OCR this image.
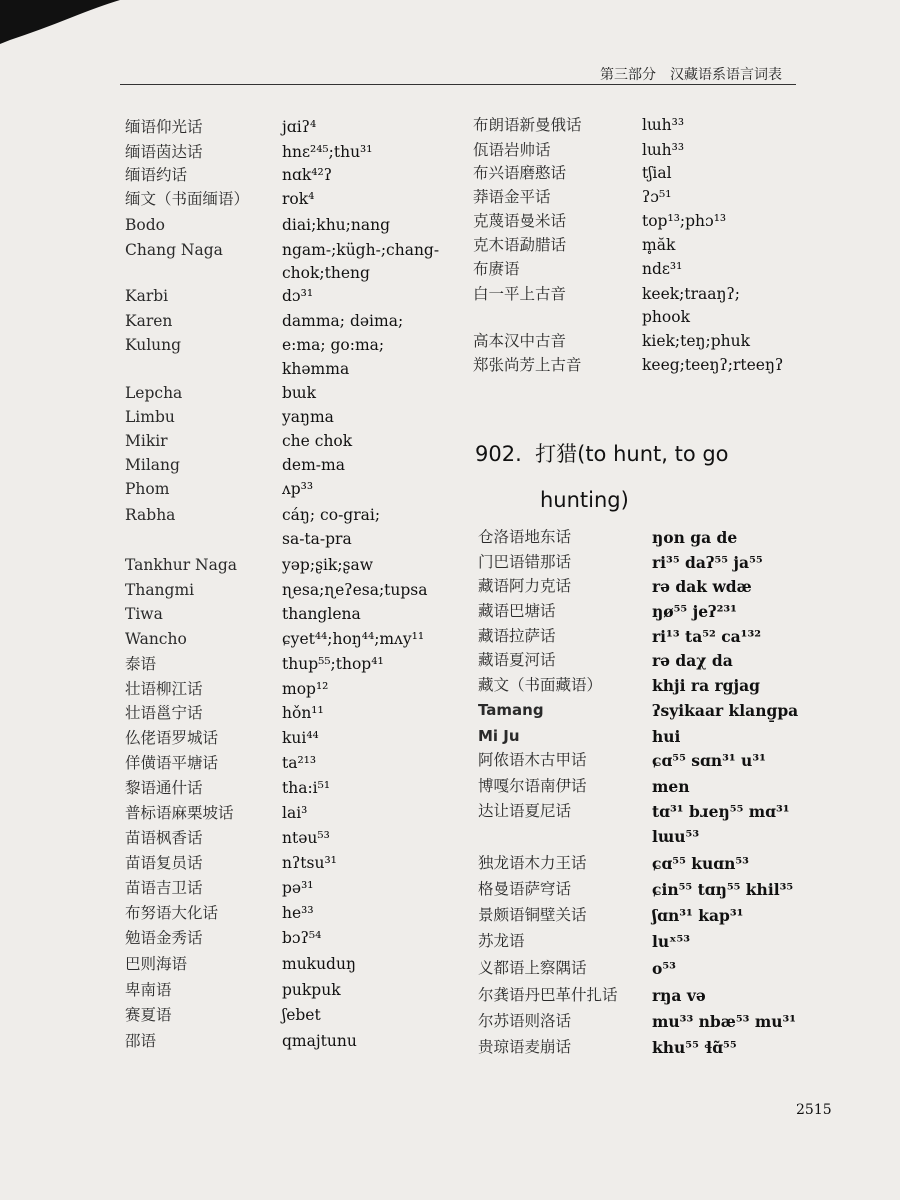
第三部分 汉藏语系语言词表
缅语仰光话	jɑiʔ⁴
缅语茵达话	hnɛ²⁴⁵;thu³¹
缅语约话	nɑk⁴²ʔ
缅文（书面缅语） rok⁴
Bodo	diai;khu;nang
Chang Naga	ngam-;kügh-;chang-
chok;theng
Karbi	dɔ³¹
Karen	damma; dəima;
Kulung	e:ma; go:ma;
khəmma
Lepcha	bɯk
Limbu	yaŋma
Mikir	che chok
Milang	dem-ma
Phom	ʌp³³
Rabha	cáŋ; co-grai;
sa-ta-pra
Tankhur Naga	yəp;ʂik;ʂaw
Thangmi	ɳesa;ɳeʔesa;tupsa
Tiwa	thanglena
Wancho	ɕyet⁴⁴;hoŋ⁴⁴;mʌy¹¹
泰语	thup⁵⁵;thop⁴¹
壮语柳江话	mop¹²
壮语邕宁话	hǒn¹¹
仫佬语罗城话	kui⁴⁴
佯僙语平塘话	ta²¹³
黎语通什话	tha:i⁵¹
普标语麻栗坡话	lai³
苗语枫香话	ntəu⁵³
苗语复员话	nʔtsu³¹
苗语吉卫话	pə³¹
布努语大化话	he³³
勉语金秀话	bɔʔ⁵⁴
巴则海语	mukuduŋ
卑南语	pukpuk
赛夏语	ʃebet
邵语	qmajtunu
布朗语新曼俄话	lɯh³³
佤语岩帅话	lɯh³³
布兴语磨憨话	tʃial
莽语金平话	ʔɔ⁵¹
克蔑语曼米话	top¹³;phɔ¹³
克木语勐腊话	m̥ăk
布赓语	ndɛ³¹
白一平上古音	keek;traaŋʔ;
phook
高本汉中古音	kiek;teŋ;phuk
郑张尚芳上古音	keeg;teeŋʔ;rteeŋʔ
902. 打猎(to hunt, to go
hunting)
仓洛语地东话	ŋon ga de
门巴语错那话	ri³⁵ daʔ⁵⁵ ja⁵⁵
藏语阿力克话	rə dak wdæ
藏语巴塘话	ŋø⁵⁵ jeʔ²³¹
藏语拉萨话	ri¹³ ta⁵² ca¹³²
藏语夏河话	rə daχ da
藏文（书面藏语）	khji ra rgjag
Tamang	ʔsyikaar klang̱pa
Mi Ju	hui
阿侬语木古甲话	ɕɑ⁵⁵ sɑn³¹ u³¹
博嘎尔语南伊话	men
达让语夏尼话	tɑ³¹ bɹeŋ⁵⁵ mɑ³¹
lɯu⁵³
独龙语木力王话	ɕɑ⁵⁵ kuɑn⁵³
格曼语萨穹话	ɕin⁵⁵ tɑŋ⁵⁵ khil³⁵
景颇语铜壁关话	ʃɑn³¹ kap³¹
苏龙语	luˣ⁵³
义都语上察隅话	o⁵³
尔龚语丹巴革什扎话 rŋa və
尔苏语则洛话	mu³³ nbæ⁵³ mu³¹
贵琼语麦崩话	khu⁵⁵ ɬɑ̃⁵⁵
2515
